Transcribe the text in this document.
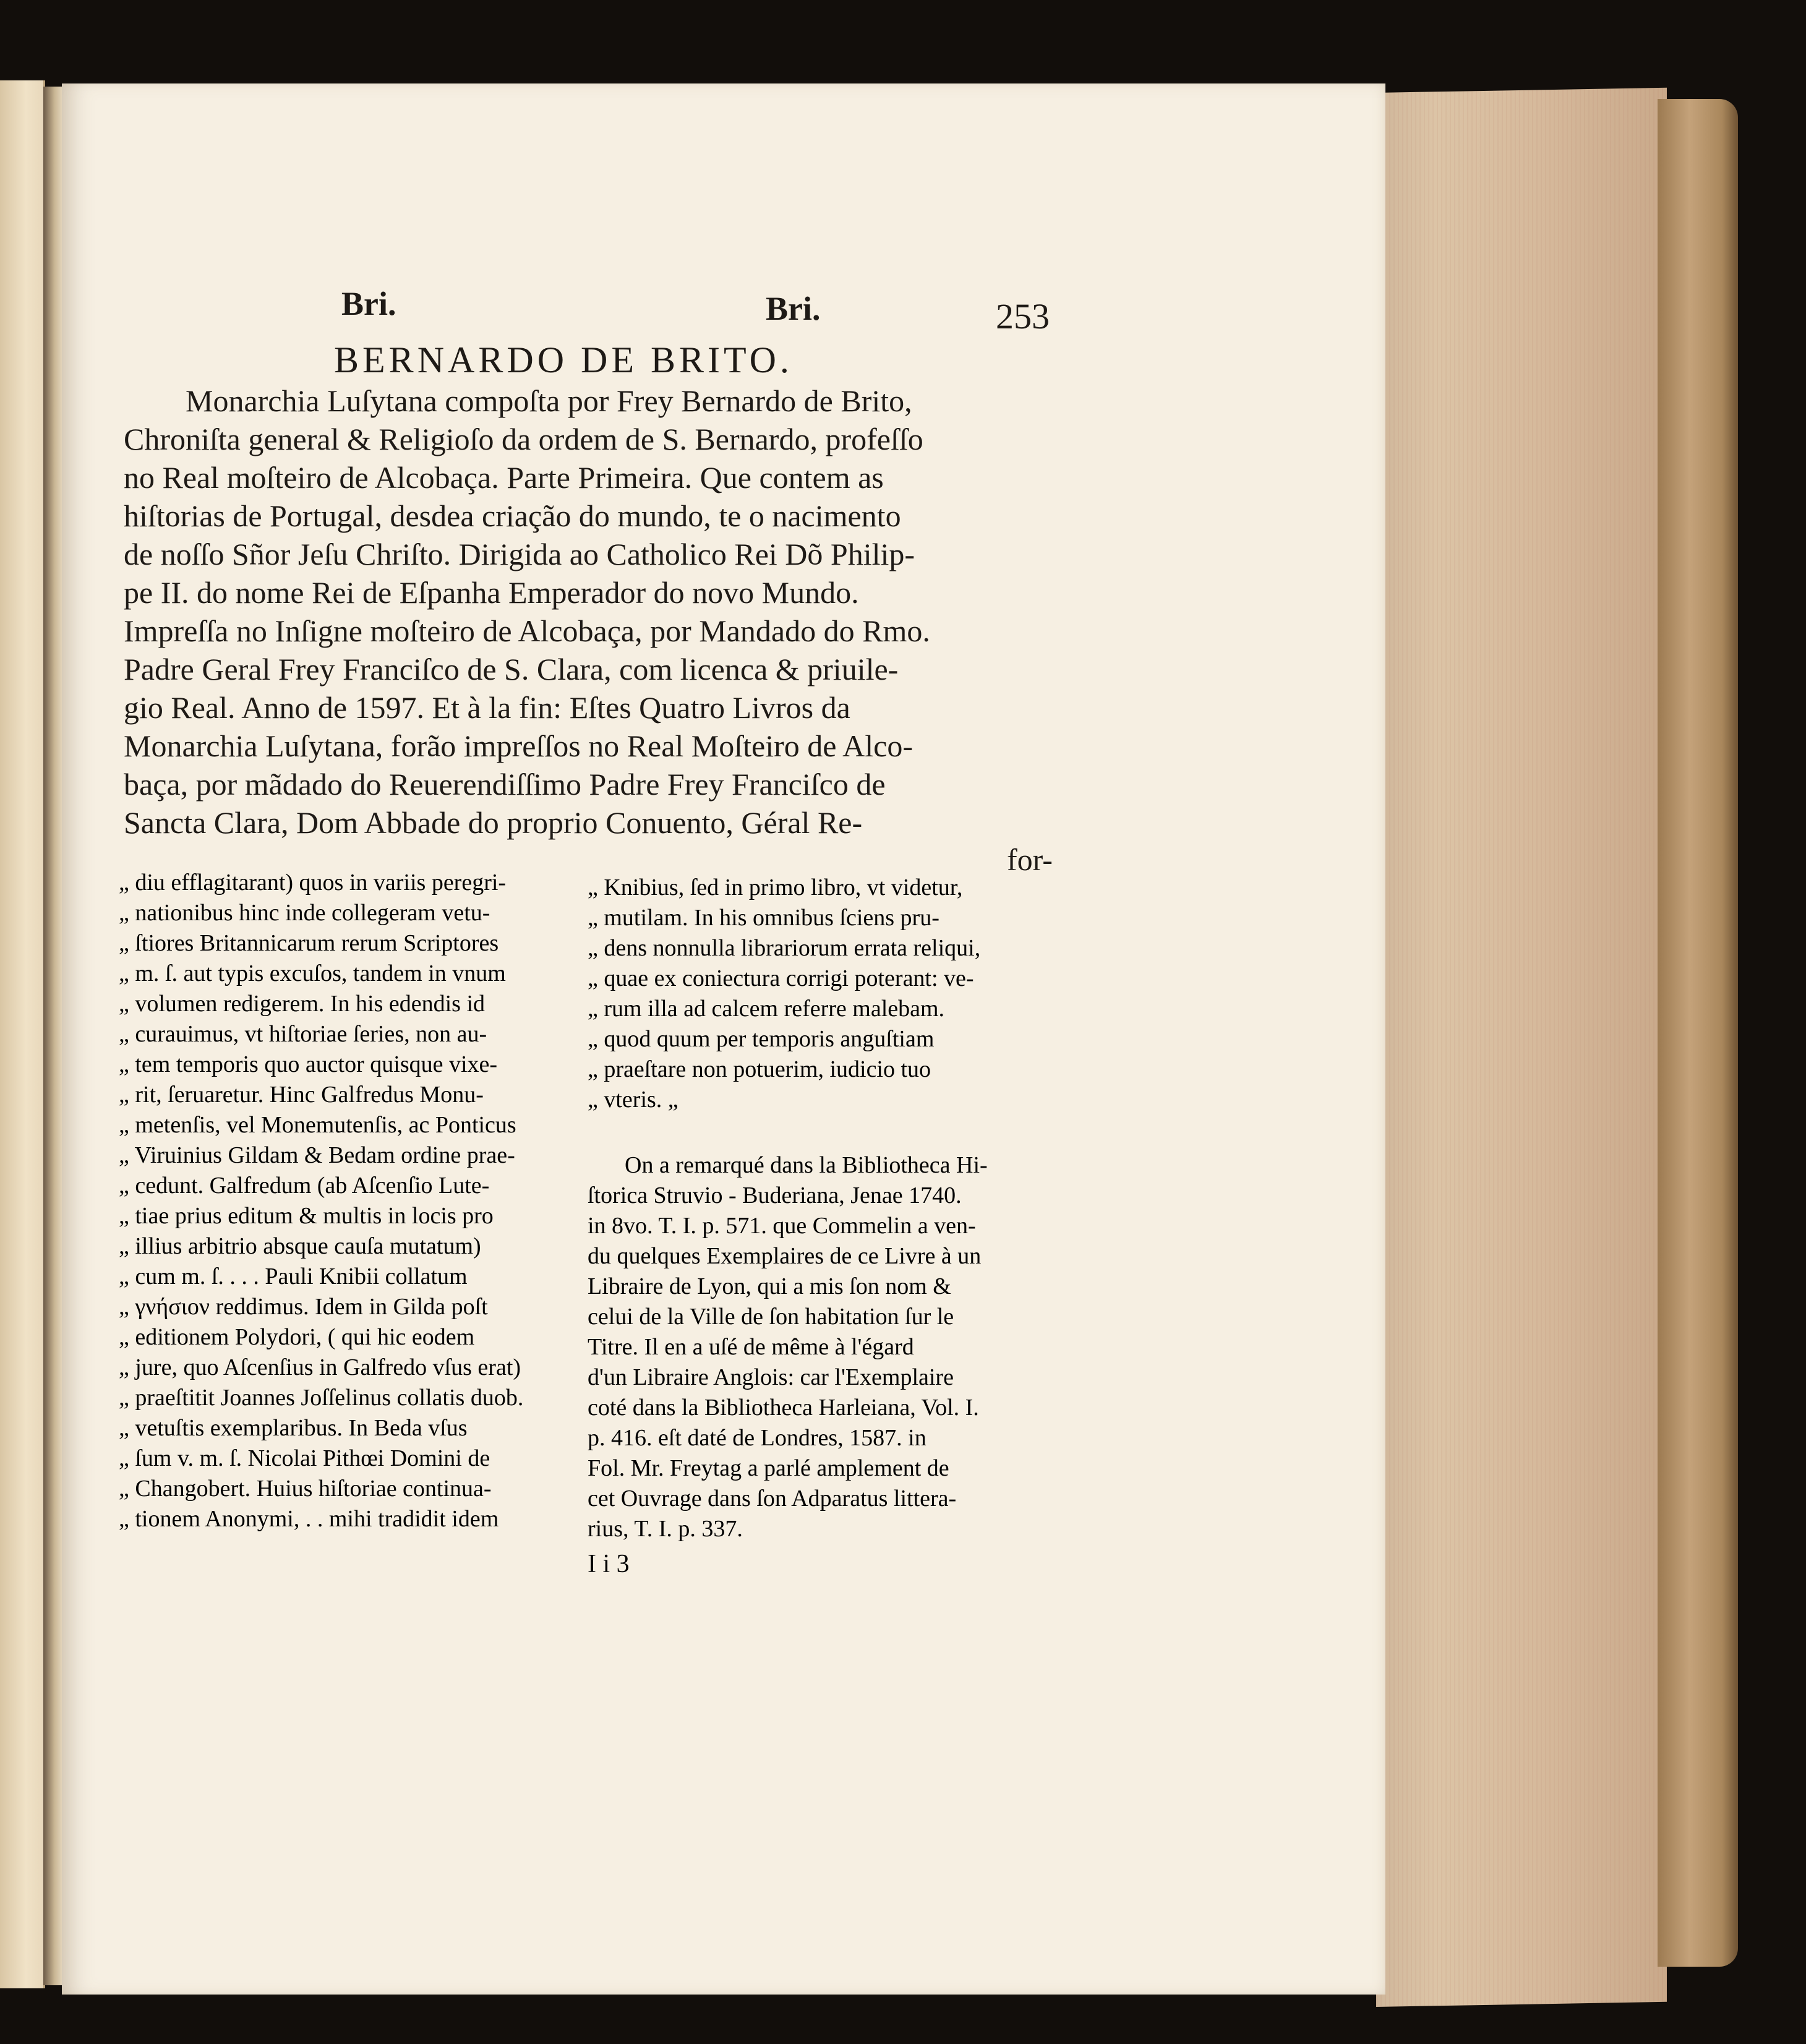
Bri.	Bri.	253
BERNARDO DE BRITO.
Monarchia Luſytana compoſta por Frey Bernardo de Brito,
Chroniſta general & Religioſo da ordem de S. Bernardo, profeſſo
no Real moſteiro de Alcobaça. Parte Primeira. Que contem as
hiſtorias de Portugal, desdea criação do mundo, te o nacimento
de noſſo Sñor Jeſu Chriſto. Dirigida ao Catholico Rei Dõ Philip-
pe II. do nome Rei de Eſpanha Emperador do novo Mundo.
Impreſſa no Inſigne moſteiro de Alcobaça, por Mandado do Rmo.
Padre Geral Frey Franciſco de S. Clara, com licenca & priuile-
gio Real. Anno de 1597. Et à la fin: Eſtes Quatro Livros da
Monarchia Luſytana, forão impreſſos no Real Moſteiro de Alco-
baça, por mãdado do Reuerendiſſimo Padre Frey Franciſco de
Sancta Clara, Dom Abbade do proprio Conuento, Géral Re-
for-
„ diu efflagitarant) quos in variis peregri-
„ nationibus hinc inde collegeram vetu-
„ ſtiores Britannicarum rerum Scriptores
„ m. ſ. aut typis excuſos, tandem in vnum
„ volumen redigerem. In his edendis id
„ curauimus, vt hiſtoriae ſeries, non au-
„ tem temporis quo auctor quisque vixe-
„ rit, ſeruaretur. Hinc Galfredus Monu-
„ metenſis, vel Monemutenſis, ac Ponticus
„ Viruinius Gildam & Bedam ordine prae-
„ cedunt. Galfredum (ab Aſcenſio Lute-
„ tiae prius editum & multis in locis pro
„ illius arbitrio absque cauſa mutatum)
„ cum m. ſ. . . . Pauli Knibii collatum
„ γνήσιον reddimus. Idem in Gilda poſt
„ editionem Polydori, ( qui hic eodem
„ jure, quo Aſcenſius in Galfredo vſus erat)
„ praeſtitit Joannes Joſſelinus collatis duob.
„ vetuſtis exemplaribus. In Beda vſus
„ ſum v. m. ſ. Nicolai Pithœi Domini de
„ Changobert. Huius hiſtoriae continua-
„ tionem Anonymi, . . mihi tradidit idem
I i 3
„ Knibius, ſed in primo libro, vt videtur,
„ mutilam. In his omnibus ſciens pru-
„ dens nonnulla librariorum errata reliqui,
„ quae ex coniectura corrigi poterant: ve-
„ rum illa ad calcem referre malebam.
„ quod quum per temporis anguſtiam
„ praeſtare non potuerim, iudicio tuo
„ vteris. „
On a remarqué dans la Bibliotheca Hi-
ſtorica Struvio - Buderiana, Jenae 1740.
in 8vo. T. I. p. 571. que Commelin a ven-
du quelques Exemplaires de ce Livre à un
Libraire de Lyon, qui a mis ſon nom &
celui de la Ville de ſon habitation ſur le
Titre. Il en a uſé de même à l'égard
d'un Libraire Anglois: car l'Exemplaire
coté dans la Bibliotheca Harleiana, Vol. I.
p. 416. eſt daté de Londres, 1587. in
Fol. Mr. Freytag a parlé amplement de
cet Ouvrage dans ſon Adparatus littera-
rius, T. I. p. 337.
